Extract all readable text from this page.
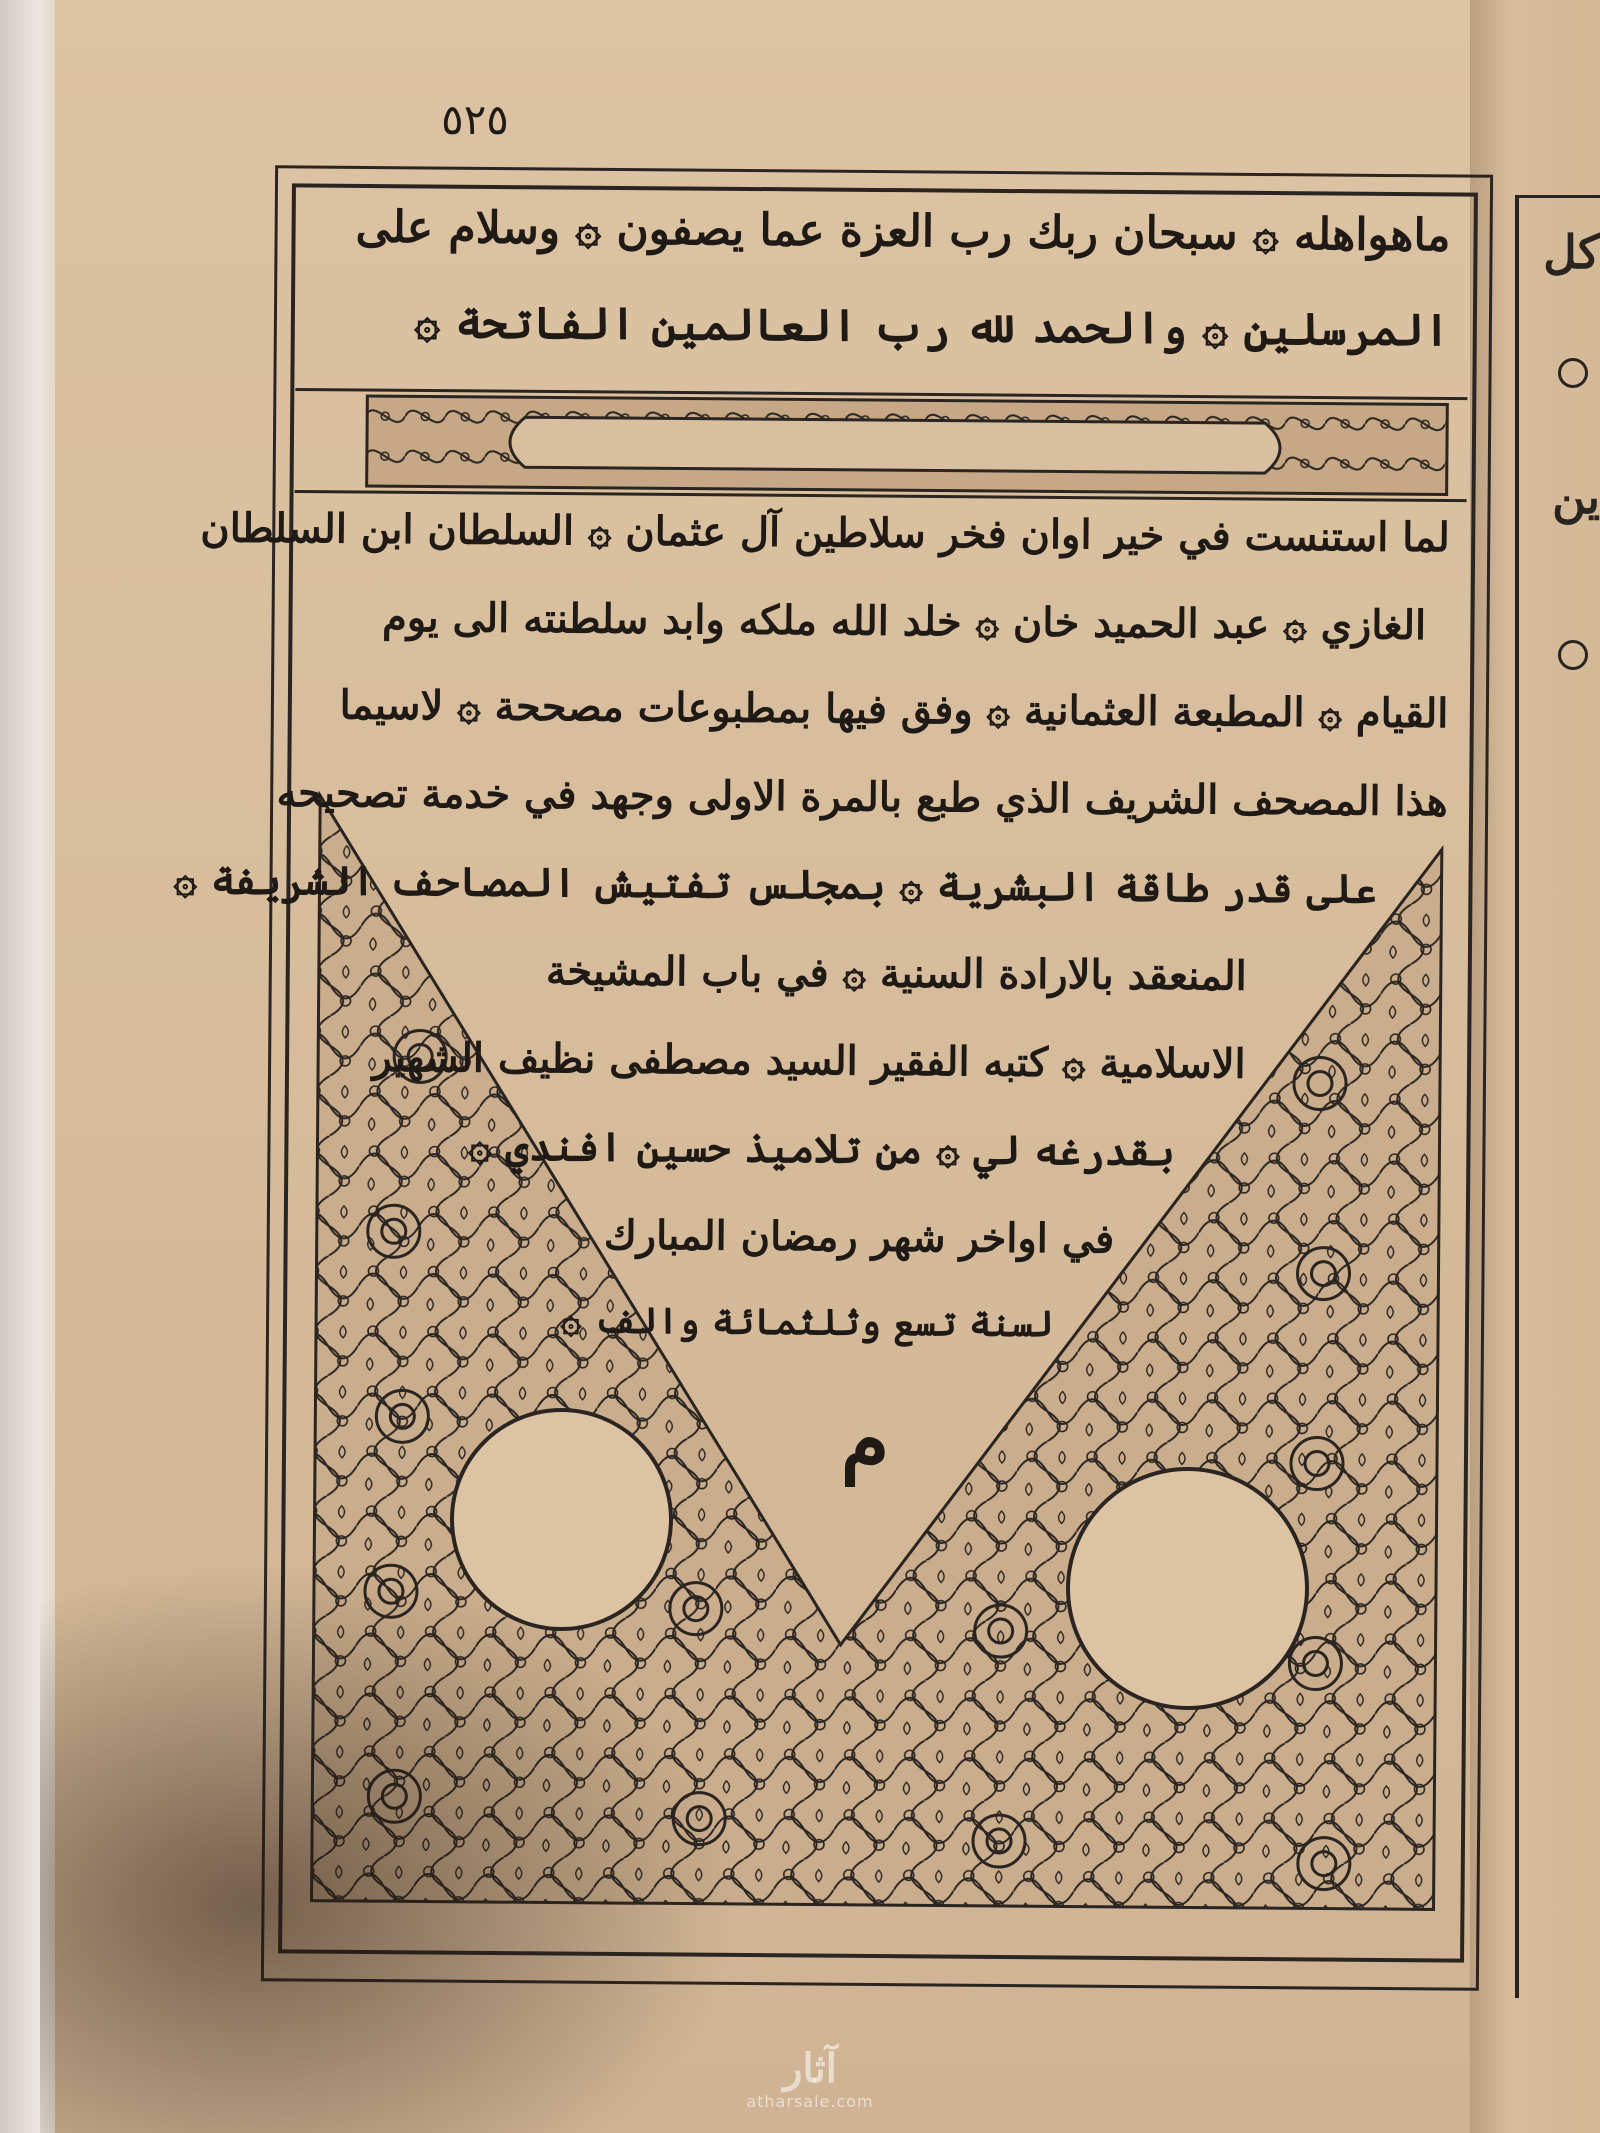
كل
ين
٥٢٥
ماهواهله ۞ سبحان ربك رب العزة عما يصفون ۞ وسلام على
المرسلين ۞ والحمد لله رب العالمين الفاتحة ۞
لما استنست في خير اوان فخر سلاطين آل عثمان ۞ السلطان ابن السلطان
الغازي ۞ عبد الحميد خان ۞ خلد الله ملكه وابد سلطنته الى يوم
القيام ۞ المطبعة العثمانية ۞ وفق فيها بمطبوعات مصححة ۞ لاسيما
هذا المصحف الشريف الذي طبع بالمرة الاولى وجهد في خدمة تصحيحه
على قدر طاقة البشرية ۞ بمجلس تفتيش المصاحف الشريفة ۞
المنعقد بالارادة السنية ۞ في باب المشيخة
الاسلامية ۞ كتبه الفقير السيد مصطفى نظيف الشهير
بقدرغه لي ۞ من تلاميذ حسين افندي ۞
في اواخر شهر رمضان المبارك
لسنة تسع وثلثمائة والف ۞
م
آثار
atharsale.com
